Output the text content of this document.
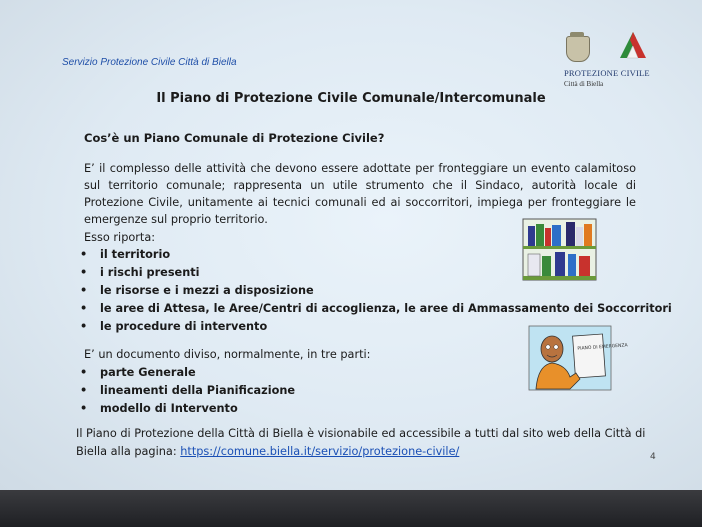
Servizio Protezione Civile Città di Biella
PROTEZIONE CIVILE
Città di Biella
Il Piano di Protezione Civile Comunale/Intercomunale
Cos’è un Piano Comunale di Protezione Civile?
E’ il complesso delle attività che devono essere adottate per fronteggiare un evento calamitoso sul territorio comunale; rappresenta un utile strumento che il Sindaco, autorità locale di Protezione Civile, unitamente ai tecnici comunali ed ai soccorritori, impiega per fronteggiare le emergenze sul proprio territorio.
Esso riporta:
• il territorio
• i rischi presenti
• le risorse e i mezzi a disposizione
• le aree di Attesa, le Aree/Centri di accoglienza, le aree di Ammassamento dei Soccorritori
• le procedure di intervento
E’ un documento diviso, normalmente, in tre parti:
• parte Generale
• lineamenti della Pianificazione
• modello di Intervento
PIANO DI EMERGENZA
Il Piano di Protezione della Città di Biella è visionabile ed accessibile a tutti dal sito web della Città di Biella alla pagina: https://comune.biella.it/servizio/protezione-civile/	4
